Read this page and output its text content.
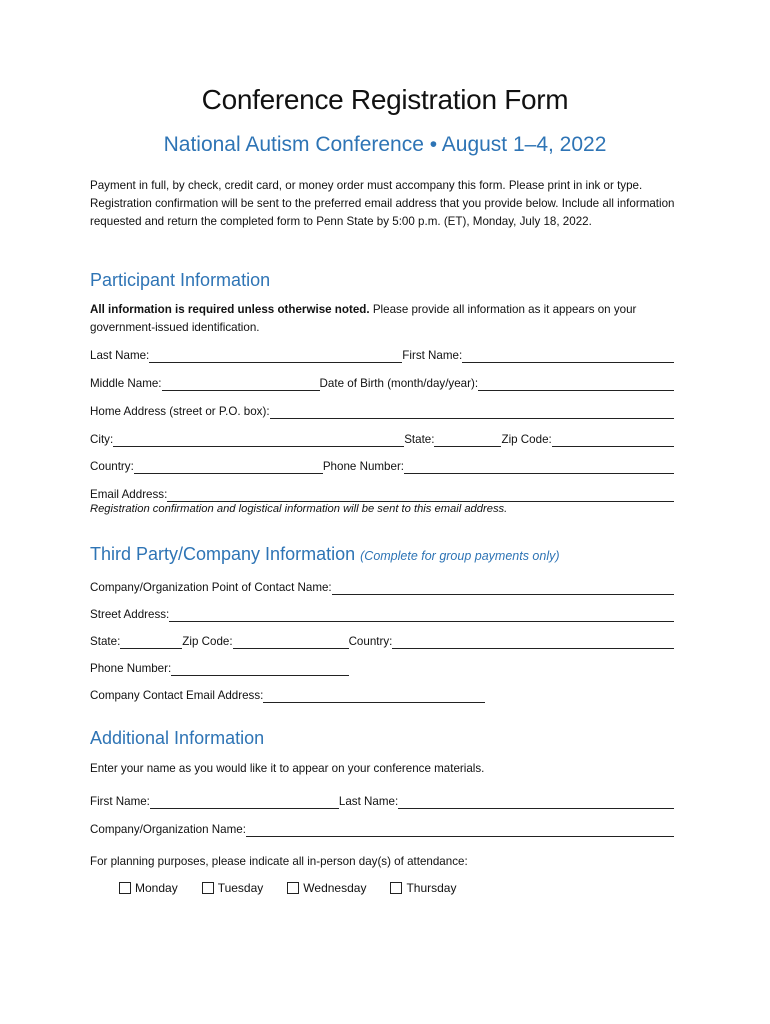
Conference Registration Form
National Autism Conference • August 1–4, 2022

Payment in full, by check, credit card, or money order must accompany this form. Please print in ink or type. Registration confirmation will be sent to the preferred email address that you provide below. Include all information requested and return the completed form to Penn State by 5:00 p.m. (ET), Monday, July 18, 2022.

Participant Information

All information is required unless otherwise noted. Please provide all information as it appears on your government-issued identification.

Last Name:	First Name:
Middle Name:	Date of Birth (month/day/year):
Home Address (street or P.O. box):
City:	State:	Zip Code:
Country:	Phone Number:
Email Address:

Registration confirmation and logistical information will be sent to this email address.

Third Party/Company Information (Complete for group payments only)
Company/Organization Point of Contact Name:
Street Address:
State:	Zip Code:	Country:
Phone Number:
Company Contact Email Address:
Additional Information

Enter your name as you would like it to appear on your conference materials.

First Name:	Last Name:
Company/Organization Name:

For planning purposes, please indicate all in-person day(s) of attendance:

Monday	Tuesday	Wednesday	Thursday
